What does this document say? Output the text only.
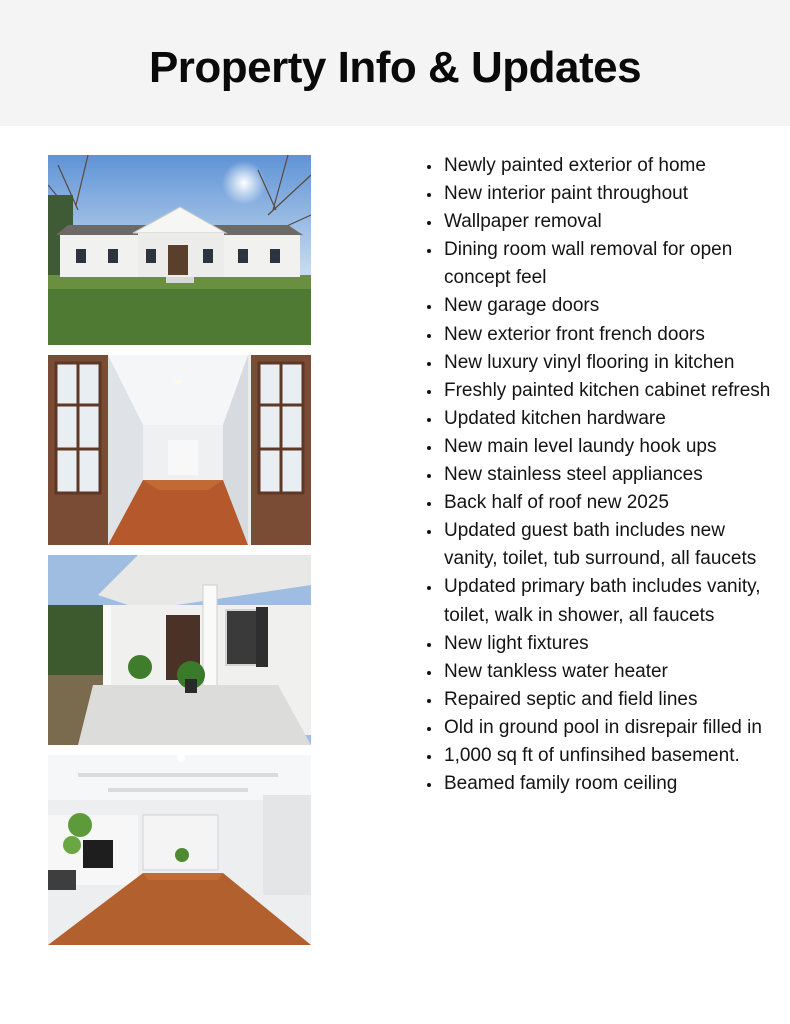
Property Info & Updates
• Newly painted exterior of home
• New interior paint throughout
• Wallpaper removal
• Dining room wall removal for open concept feel
• New garage doors
• New exterior front french doors
• New luxury vinyl flooring in kitchen
• Freshly painted kitchen cabinet refresh
• Updated kitchen hardware
• New main level laundy hook ups
• New stainless steel appliances
• Back half of roof new 2025
• Updated guest bath includes new vanity, toilet, tub surround, all faucets
• Updated primary bath includes vanity, toilet, walk in shower, all faucets
• New light fixtures
• New tankless water heater
• Repaired septic and field lines
• Old in ground pool in disrepair filled in
• 1,000 sq ft of unfinsihed basement.
• Beamed family room ceiling
